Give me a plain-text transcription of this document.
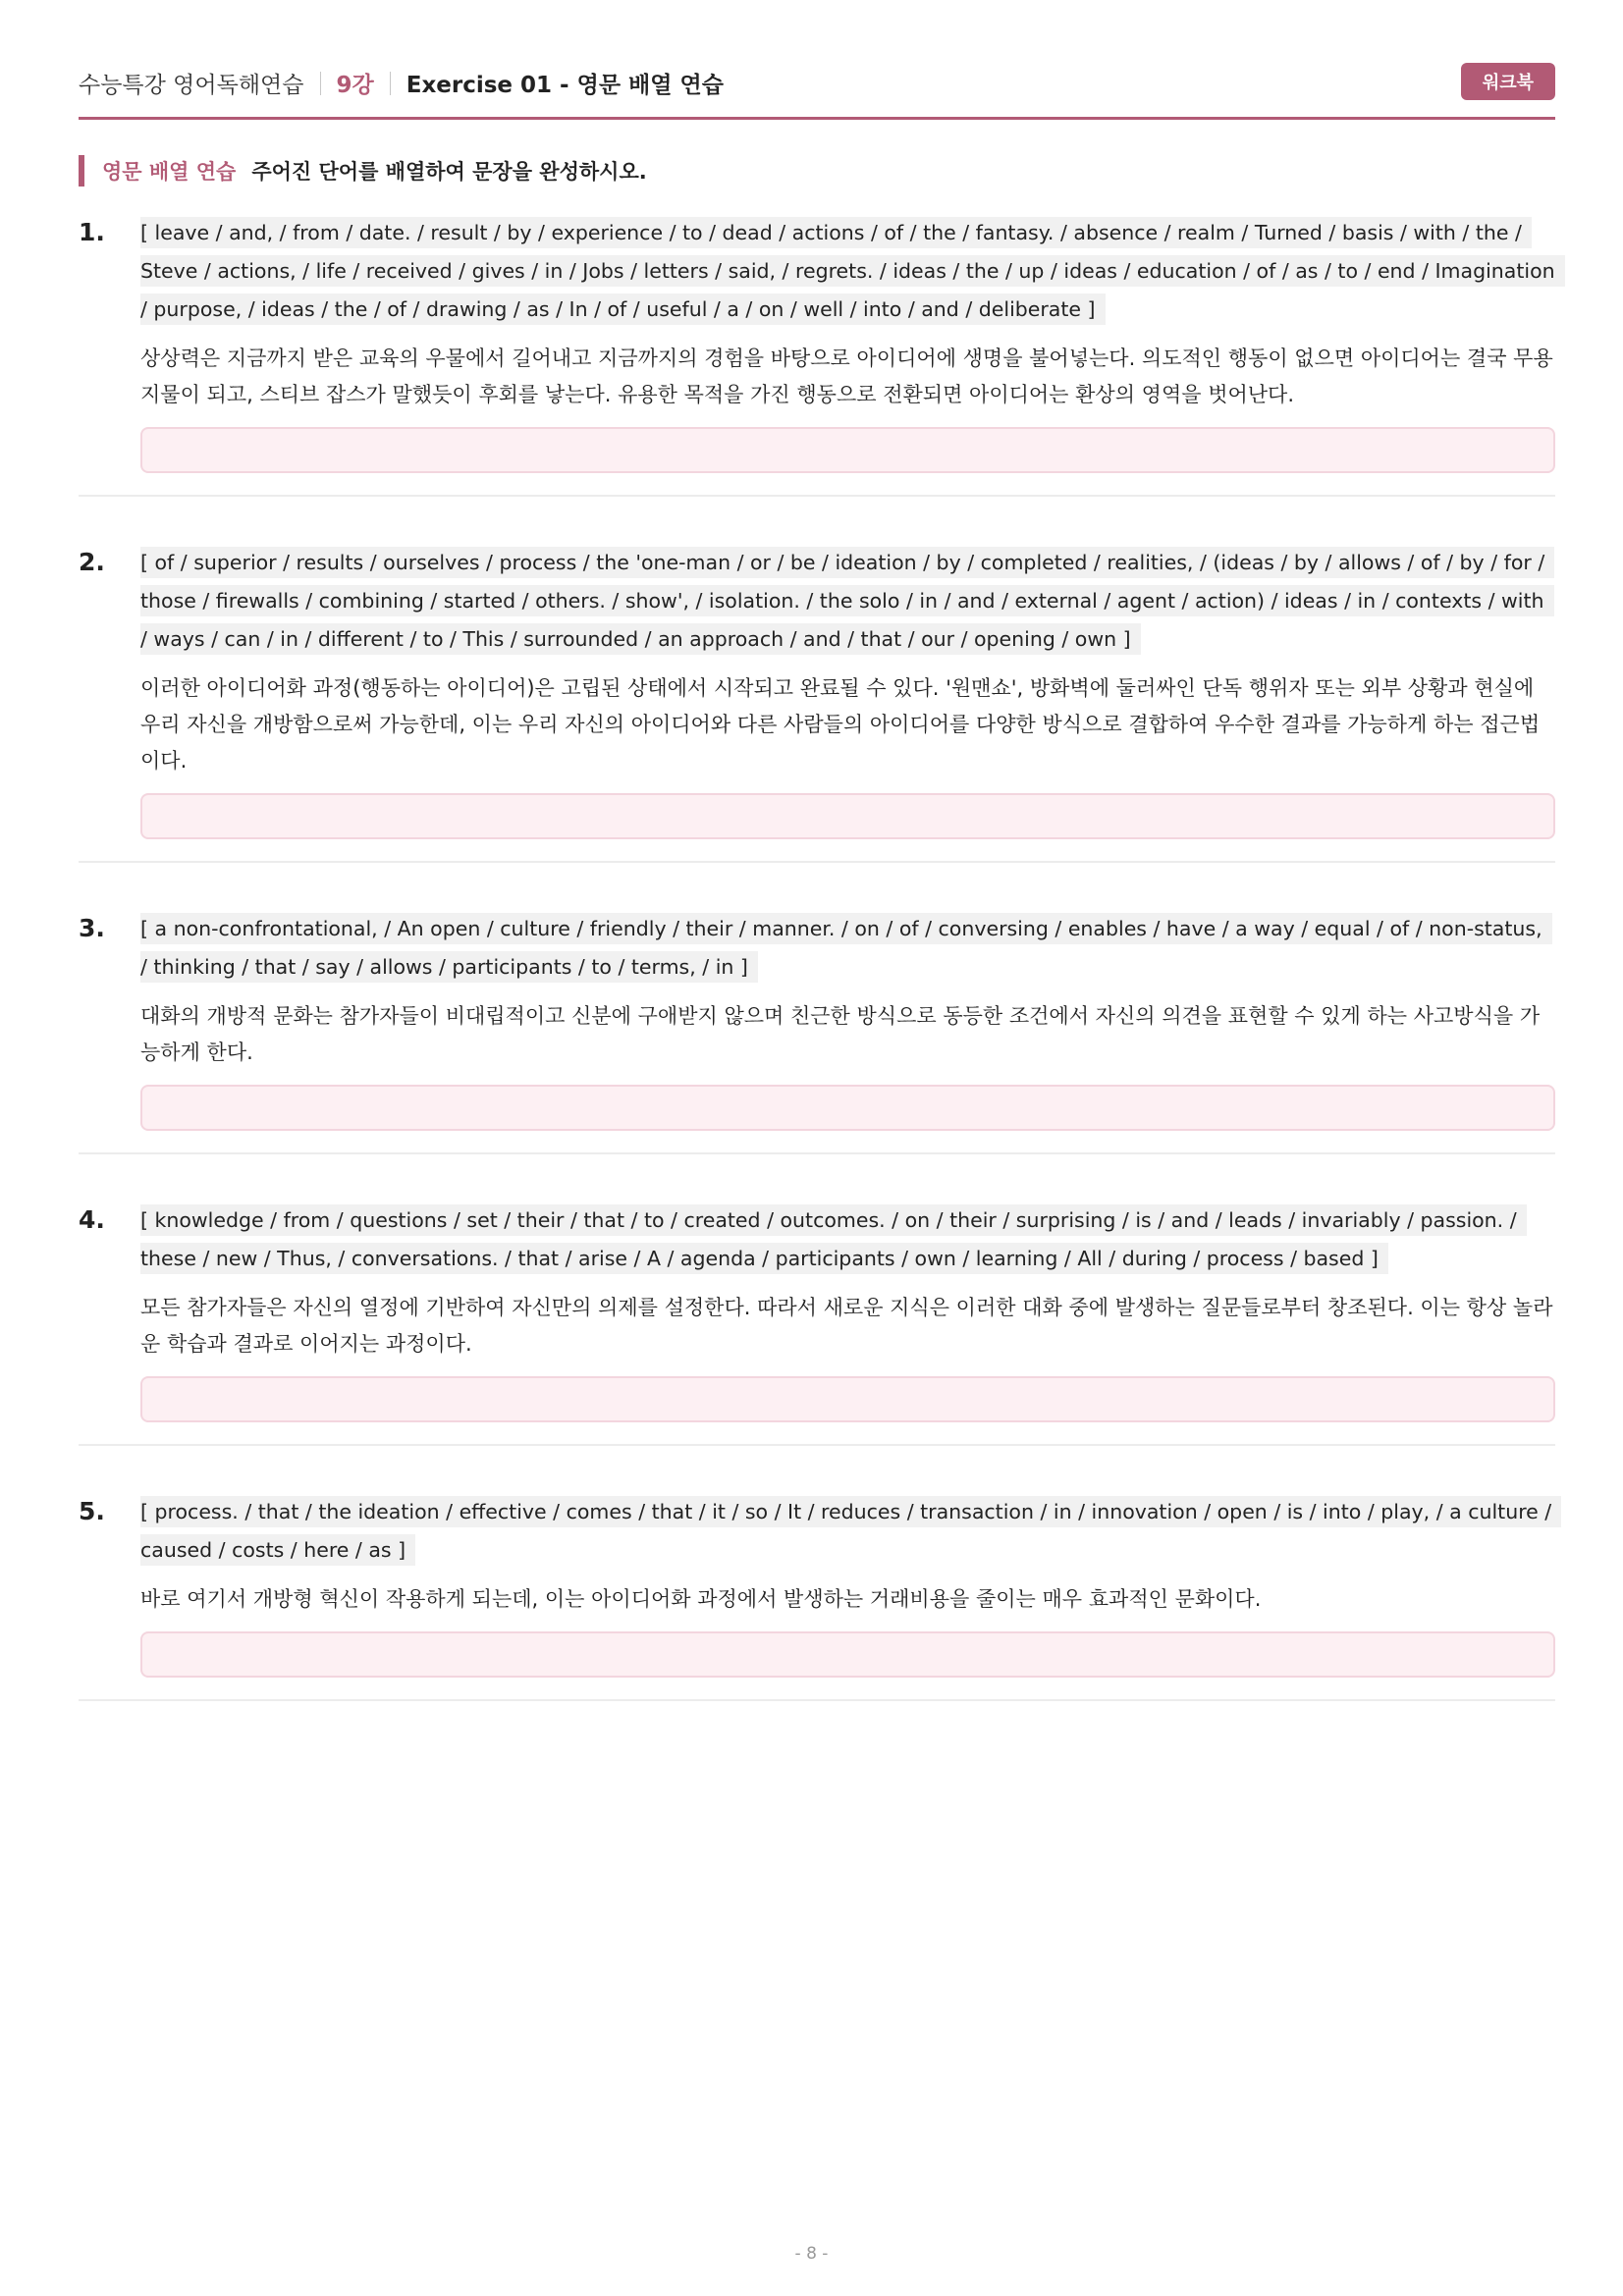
수능특강 영어독해연습 9강 Exercise 01 - 영문 배열 연습	워크북
영문 배열 연습 주어진 단어를 배열하여 문장을 완성하시오.
1. [ leave / and, / from / date. / result / by / experience / to / dead / actions / of / the / fantasy. / absence / realm / Turned / basis / with / the / Steve / actions, / life / received / gives / in / Jobs / letters / said, / regrets. / ideas / the / up / ideas / education / of / as / to / end / Imagination / purpose, / ideas / the / of / drawing / as / In / of / useful / a / on / well / into / and / deliberate ]
상상력은 지금까지 받은 교육의 우물에서 길어내고 지금까지의 경험을 바탕으로 아이디어에 생명을 불어넣는다. 의도적인 행동이 없으면 아이디어는 결국 무용지물이 되고, 스티브 잡스가 말했듯이 후회를 낳는다. 유용한 목적을 가진 행동으로 전환되면 아이디어는 환상의 영역을 벗어난다.
2. [ of / superior / results / ourselves / process / the 'one-man / or / be / ideation / by / completed / realities, / (ideas / by / allows / of / by / for / those / firewalls / combining / started / others. / show', / isolation. / the solo / in / and / external / agent / action) / ideas / in / contexts / with / ways / can / in / different / to / This / surrounded / an approach / and / that / our / opening / own ]
이러한 아이디어화 과정(행동하는 아이디어)은 고립된 상태에서 시작되고 완료될 수 있다. '원맨쇼', 방화벽에 둘러싸인 단독 행위자 또는 외부 상황과 현실에 우리 자신을 개방함으로써 가능한데, 이는 우리 자신의 아이디어와 다른 사람들의 아이디어를 다양한 방식으로 결합하여 우수한 결과를 가능하게 하는 접근법이다.
3. [ a non-confrontational, / An open / culture / friendly / their / manner. / on / of / conversing / enables / have / a way / equal / of / non-status, / thinking / that / say / allows / participants / to / terms, / in ]
대화의 개방적 문화는 참가자들이 비대립적이고 신분에 구애받지 않으며 친근한 방식으로 동등한 조건에서 자신의 의견을 표현할 수 있게 하는 사고방식을 가능하게 한다.
4. [ knowledge / from / questions / set / their / that / to / created / outcomes. / on / their / surprising / is / and / leads / invariably / passion. / these / new / Thus, / conversations. / that / arise / A / agenda / participants / own / learning / All / during / process / based ]
모든 참가자들은 자신의 열정에 기반하여 자신만의 의제를 설정한다. 따라서 새로운 지식은 이러한 대화 중에 발생하는 질문들로부터 창조된다. 이는 항상 놀라운 학습과 결과로 이어지는 과정이다.
5. [ process. / that / the ideation / effective / comes / that / it / so / It / reduces / transaction / in / innovation / open / is / into / play, / a culture / caused / costs / here / as ]
바로 여기서 개방형 혁신이 작용하게 되는데, 이는 아이디어화 과정에서 발생하는 거래비용을 줄이는 매우 효과적인 문화이다.
- 8 -
